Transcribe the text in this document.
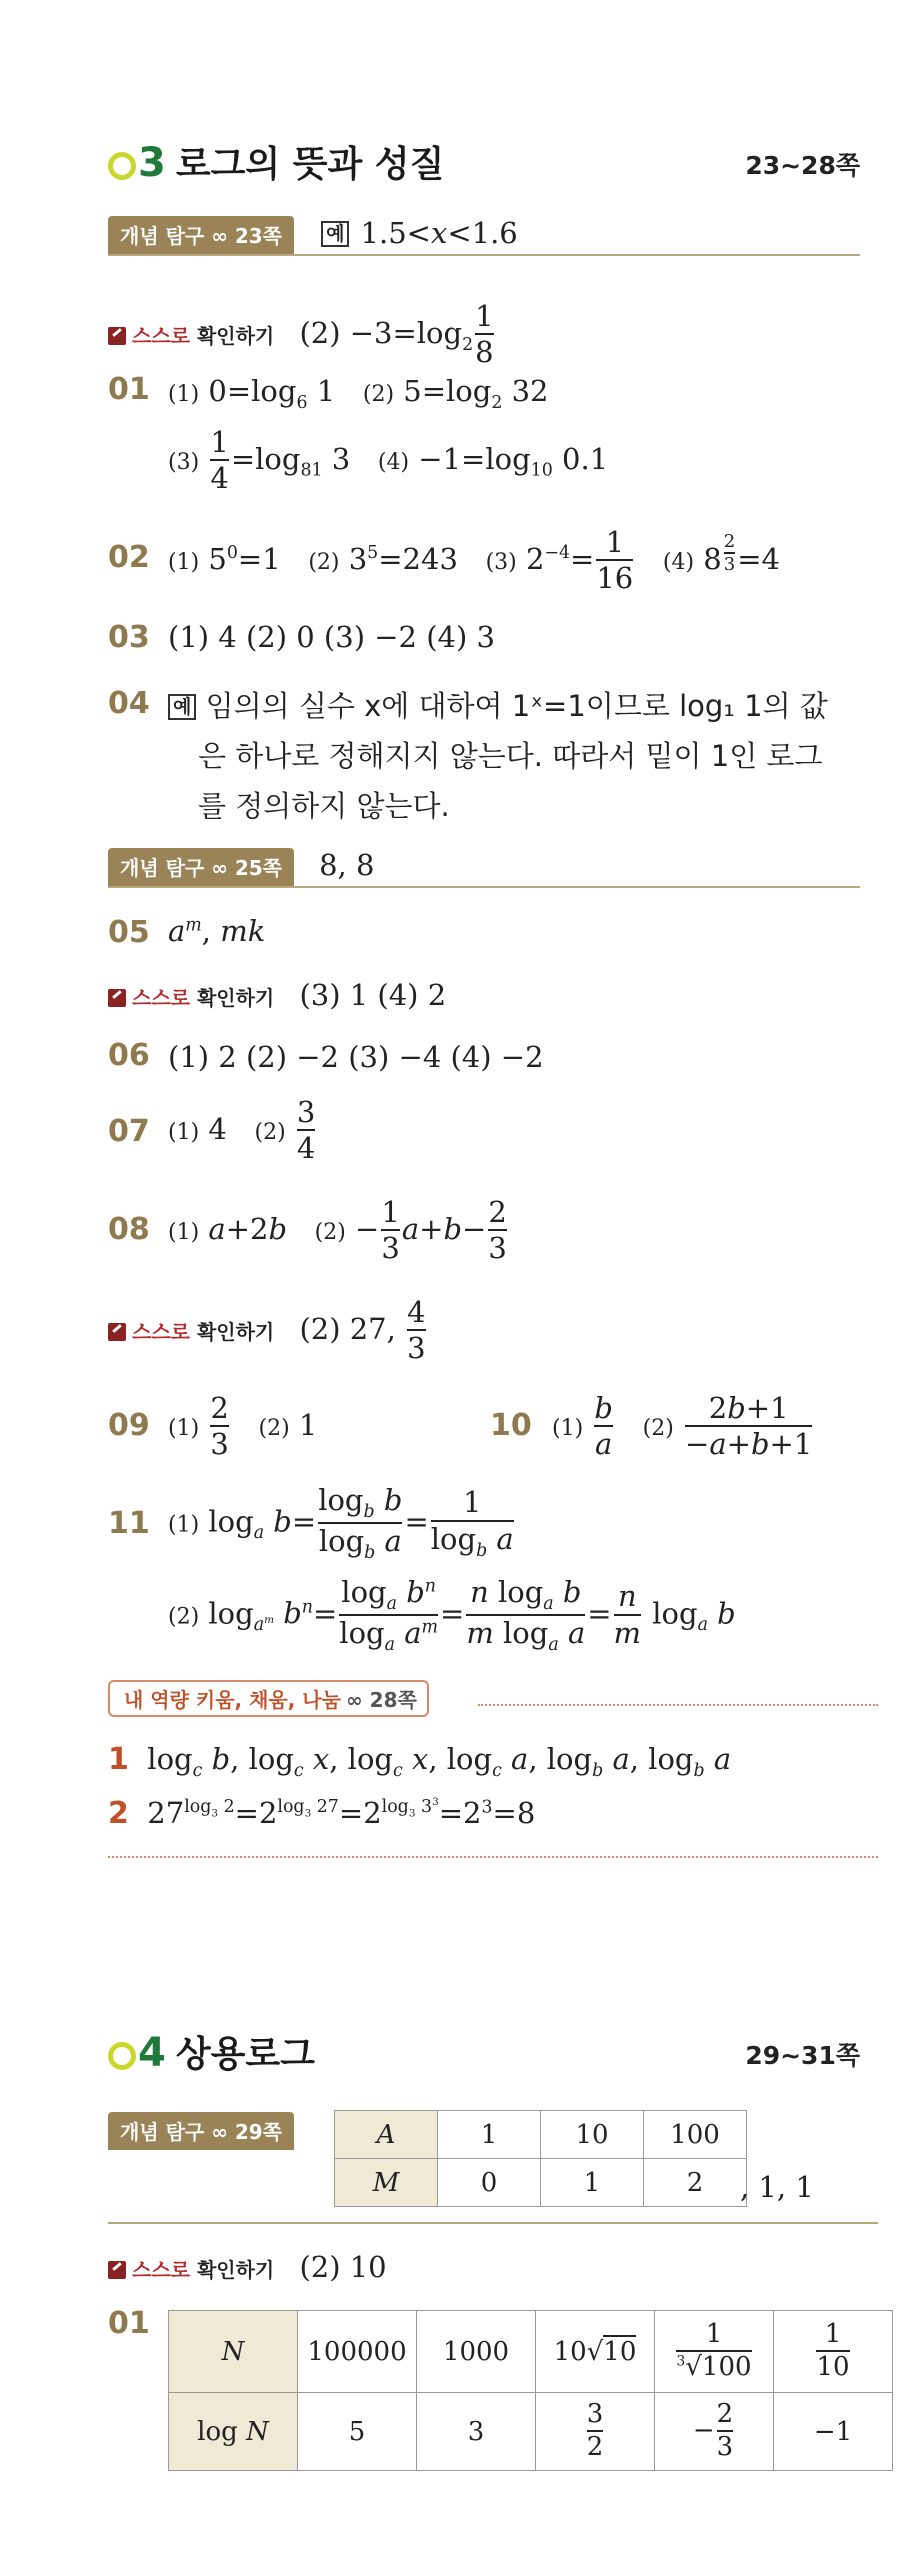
3 로그의 뜻과 성질	23~28쪽
개념 탐구 ∞ 23쪽 예 1.5<x<1.6
스스로 확인하기 $(2) -3=\log_2 \frac{1}{8}$
01 (1) $0=\log_6$ 1   (2) $5=\log_2$ 32
$(3) \frac{1}{4} =\log_{81}$ 3   $(4) -1=\log_{10}$ 0.1
02 (1) $5^0=1$   (2) $3^5=243$   (3) $2^{-4}= \frac{1}{16} (4)$ 8 $^{\frac{2}{3}}$ =4
03 (1) 4 (2) 0 (3) −2 (4) 3
04 예 임의의 실수 x에 대하여 1ˣ=1이므로 log₁ 1의 값
은 하나로 정해지지 않는다. 따라서 밑이 1인 로그
를 정의하지 않는다.
개념 탐구 ∞ 25쪽 8, 8
05 $a^m$, mk
스스로 확인하기 (3) 1 (4) 2
06 (1) 2 (2) −2 (3) −4 (4) −2
07 (1) 4   $(2) \frac{3}{4}$
08 (1) a+2b $(2) - \frac{1}{3} a+b- \frac{2}{3}$
스스로 확인하기 (2) 27, $\frac{4}{3}$
09 $(1) \frac{2}{3} (2)$ 1	10 $(1) \frac{b}{a} (2) \frac{2b+1}{-a+b+1}$
11 (1) $\log_a b= \frac{\log_b b}{\log_b a} = \frac{1}{\log_b a}$
(2) $\log_{a^m} b^n= \frac{\log_a b^n}{\log_a a^m} = \frac{n \log_a b}{m \log_a a} = \frac{n}{m} \log_a b$
내 역량 키움, 채움, 나눔 ∞ 28쪽
1  $\log_c b$, $\log_c x$, $\log_c x$, $\log_c a$, $\log_b a$, $\log_b a$
2  $27^{log_3 2}=2^{log_3 27}=2^{log_3 3^3}=2^3=8$
4 상용로그	29~31쪽
개념 탐구 ∞ 29쪽	A	1	10	100
M	0	1	2 , 1, 1
스스로 확인하기 (2) 10
01
N	100000	1000	10√10	$\frac{1}{^3√100}$	$\frac{1}{10}$

log N	5	3	$\frac{3}{2}$	− $\frac{2}{3}$	−1
